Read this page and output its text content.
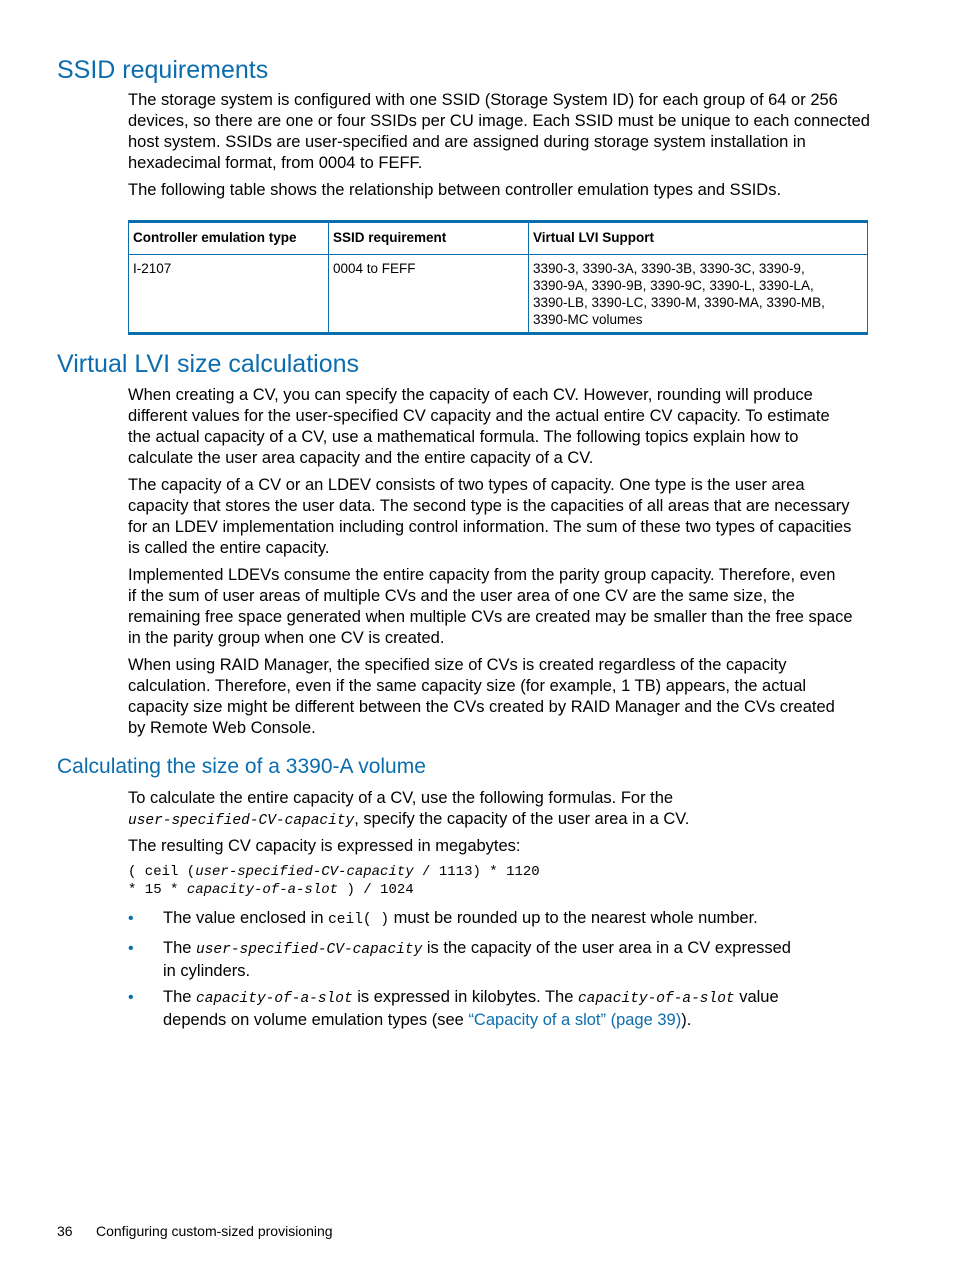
SSID requirements

The storage system is configured with one SSID (Storage System ID) for each group of 64 or 256

devices, so there are one or four SSIDs per CU image. Each SSID must be unique to each connected

host system. SSIDs are user-specified and are assigned during storage system installation in

hexadecimal format, from 0004 to FEFF.

The following table shows the relationship between controller emulation types and SSIDs.

Controller emulation type	SSID requirement	Virtual LVI Support
I-2107	0004 to FEFF	3390-3, 3390-3A, 3390-3B, 3390-3C, 3390-9,
3390-9A, 3390-9B, 3390-9C, 3390-L, 3390-LA,
3390-LB, 3390-LC, 3390-M, 3390-MA, 3390-MB,
3390-MC volumes
Virtual LVI size calculations

When creating a CV, you can specify the capacity of each CV. However, rounding will produce

different values for the user-specified CV capacity and the actual entire CV capacity. To estimate

the actual capacity of a CV, use a mathematical formula. The following topics explain how to

calculate the user area capacity and the entire capacity of a CV.

The capacity of a CV or an LDEV consists of two types of capacity. One type is the user area

capacity that stores the user data. The second type is the capacities of all areas that are necessary

for an LDEV implementation including control information. The sum of these two types of capacities

is called the entire capacity.

Implemented LDEVs consume the entire capacity from the parity group capacity. Therefore, even

if the sum of user areas of multiple CVs and the user area of one CV are the same size, the

remaining free space generated when multiple CVs are created may be smaller than the free space

in the parity group when one CV is created.

When using RAID Manager, the specified size of CVs is created regardless of the capacity

calculation. Therefore, even if the same capacity size (for example, 1 TB) appears, the actual

capacity size might be different between the CVs created by RAID Manager and the CVs created

by Remote Web Console.

Calculating the size of a 3390-A volume

To calculate the entire capacity of a CV, use the following formulas. For the

user-specified-CV-capacity, specify the capacity of the user area in a CV.

The resulting CV capacity is expressed in megabytes:

( ceil (user-specified-CV-capacity / 1113) * 1120
* 15 * capacity-of-a-slot ) / 1024
• The value enclosed in ceil( ) must be rounded up to the nearest whole number.
• The user-specified-CV-capacity is the capacity of the user area in a CV expressed
in cylinders.
• The capacity-of-a-slot is expressed in kilobytes. The capacity-of-a-slot value
depends on volume emulation types (see “Capacity of a slot” (page 39)).
36 Configuring custom-sized provisioning
